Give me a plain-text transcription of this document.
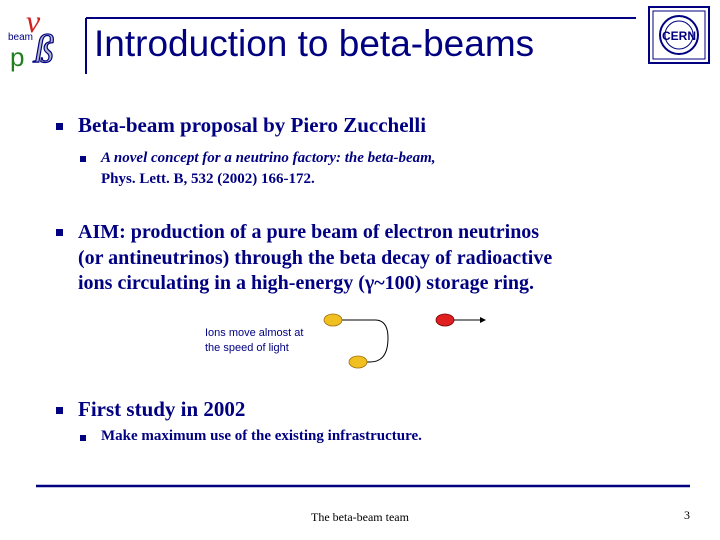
v
ß
beam
p
CERN
Introduction to beta-beams
Beta-beam proposal by Piero Zucchelli
A novel concept for a neutrino factory: the beta-beam,
Phys. Lett. B, 532 (2002) 166-172.
AIM: production of a pure beam of electron neutrinos
(or antineutrinos) through the beta decay of radioactive
ions circulating in a high-energy (γ~100) storage ring.
Ions move almost at
the speed of light
First study in 2002
Make maximum use of the existing infrastructure.
The beta-beam team	3
